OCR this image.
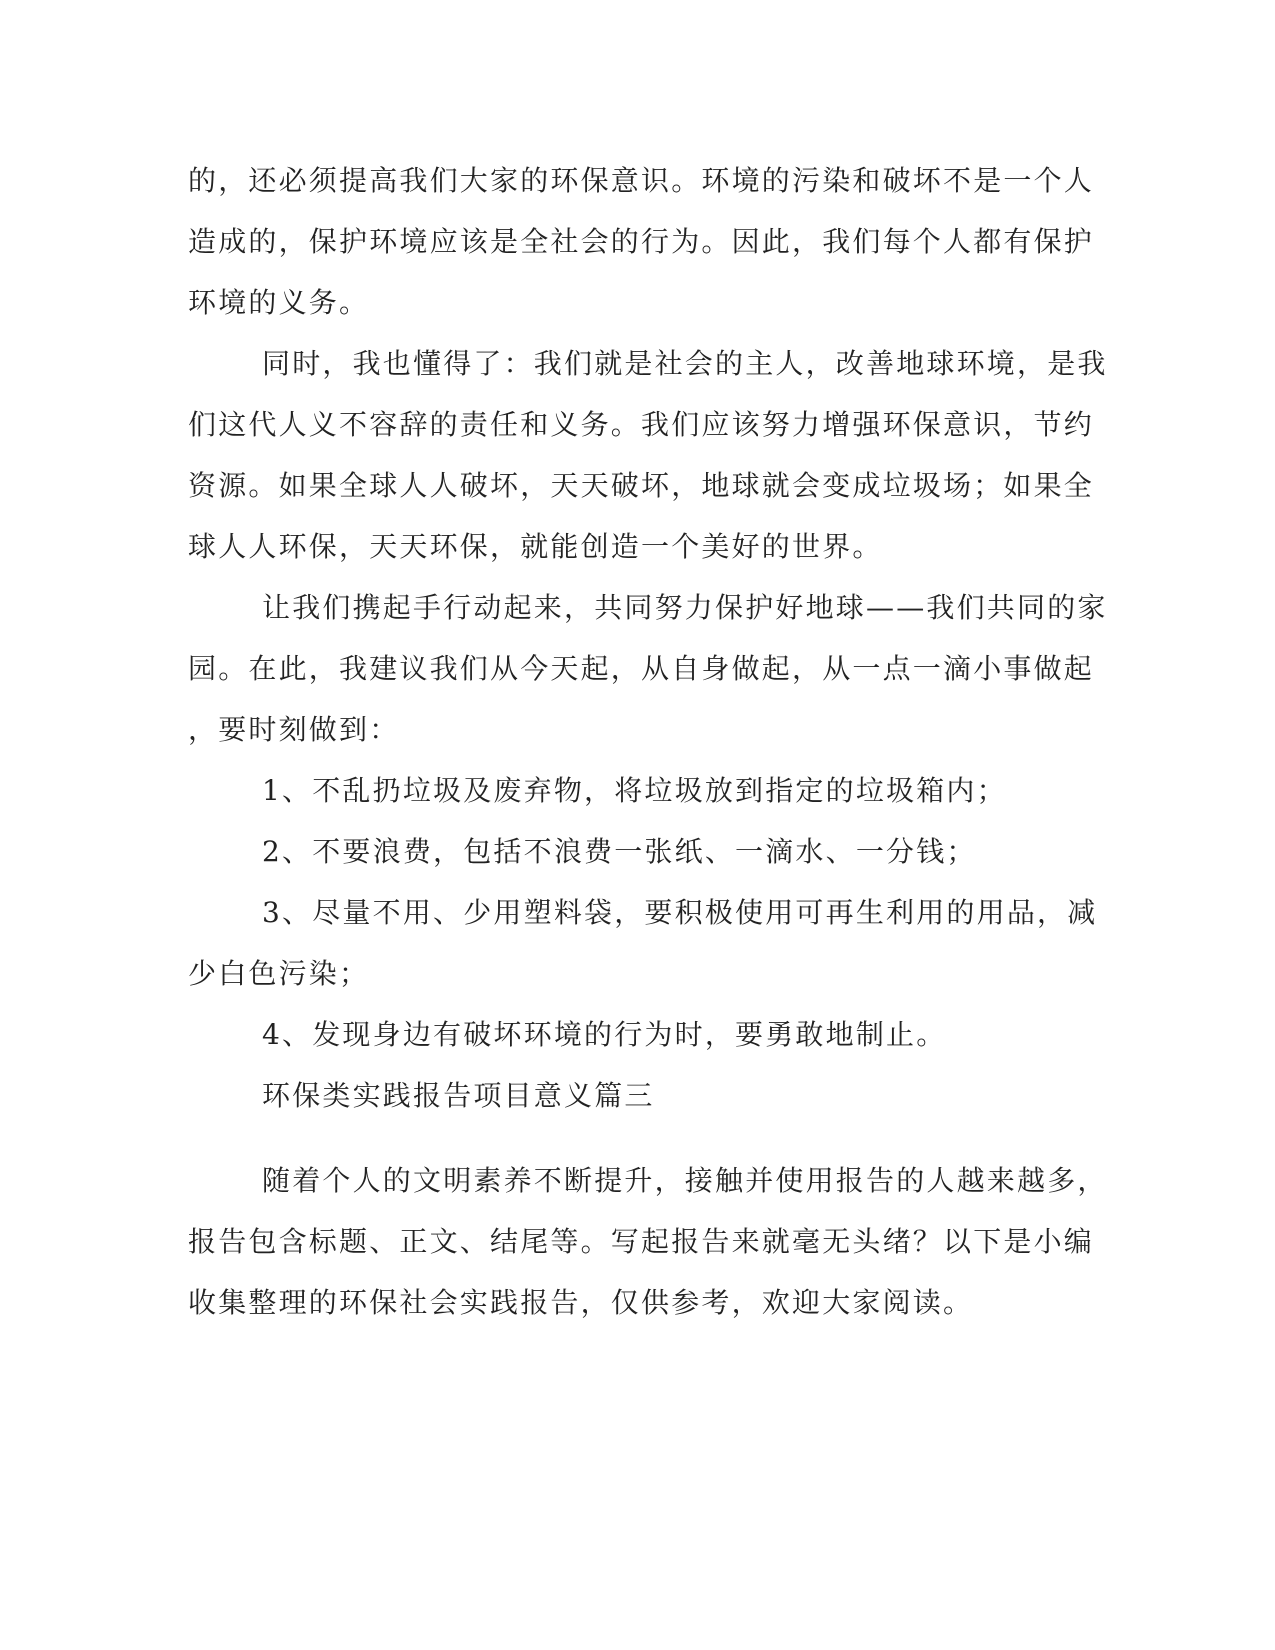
的，还必须提高我们大家的环保意识。环境的污染和破坏不是一个人
造成的，保护环境应该是全社会的行为。因此，我们每个人都有保护
环境的义务。
同时，我也懂得了：我们就是社会的主人，改善地球环境，是我
们这代人义不容辞的责任和义务。我们应该努力增强环保意识，节约
资源。如果全球人人破坏，天天破坏，地球就会变成垃圾场；如果全
球人人环保，天天环保，就能创造一个美好的世界。
让我们携起手行动起来，共同努力保护好地球——我们共同的家
园。在此，我建议我们从今天起，从自身做起，从一点一滴小事做起
，要时刻做到：
1、不乱扔垃圾及废弃物，将垃圾放到指定的垃圾箱内；
2、不要浪费，包括不浪费一张纸、一滴水、一分钱；
3、尽量不用、少用塑料袋，要积极使用可再生利用的用品，减
少白色污染；
4、发现身边有破坏环境的行为时，要勇敢地制止。
环保类实践报告项目意义篇三
随着个人的文明素养不断提升，接触并使用报告的人越来越多，
报告包含标题、正文、结尾等。写起报告来就毫无头绪？以下是小编
收集整理的环保社会实践报告，仅供参考，欢迎大家阅读。
